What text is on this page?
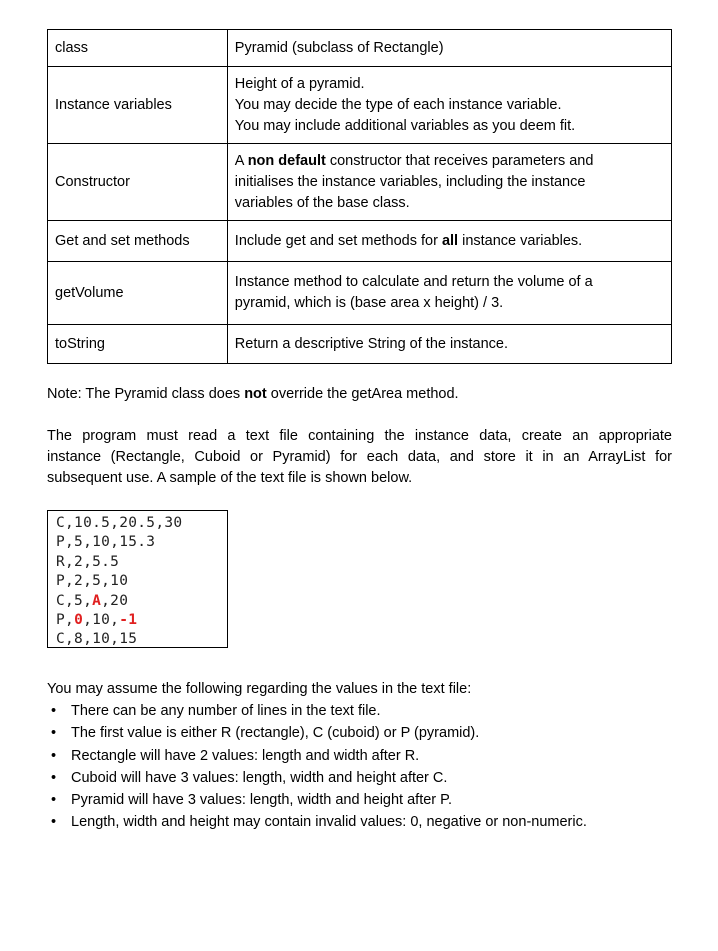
class	Pyramid (subclass of Rectangle)

Instance variables	Height of a pyramid.
You may decide the type of each instance variable.
You may include additional variables as you deem fit.

Constructor	A non default constructor that receives parameters and
initialises the instance variables, including the instance
variables of the base class.

Get and set methods	Include get and set methods for all instance variables.

getVolume	Instance method to calculate and return the volume of a
pyramid, which is (base area x height) / 3.

toString	Return a descriptive String of the instance.

Note: The Pyramid class does not override the getArea method.

The program must read a text file containing the instance data, create an appropriate
instance (Rectangle, Cuboid or Pyramid) for each data, and store it in an ArrayList for
subsequent use. A sample of the text file is shown below.

C,10.5,20.5,30
P,5,10,15.3
R,2,5.5
P,2,5,10
C,5,A,20
P,0,10,-1
C,8,10,15

You may assume the following regarding the values in the text file:

• There can be any number of lines in the text file.
• The first value is either R (rectangle), C (cuboid) or P (pyramid).
• Rectangle will have 2 values: length and width after R.
• Cuboid will have 3 values: length, width and height after C.
• Pyramid will have 3 values: length, width and height after P.
• Length, width and height may contain invalid values: 0, negative or non-numeric.
